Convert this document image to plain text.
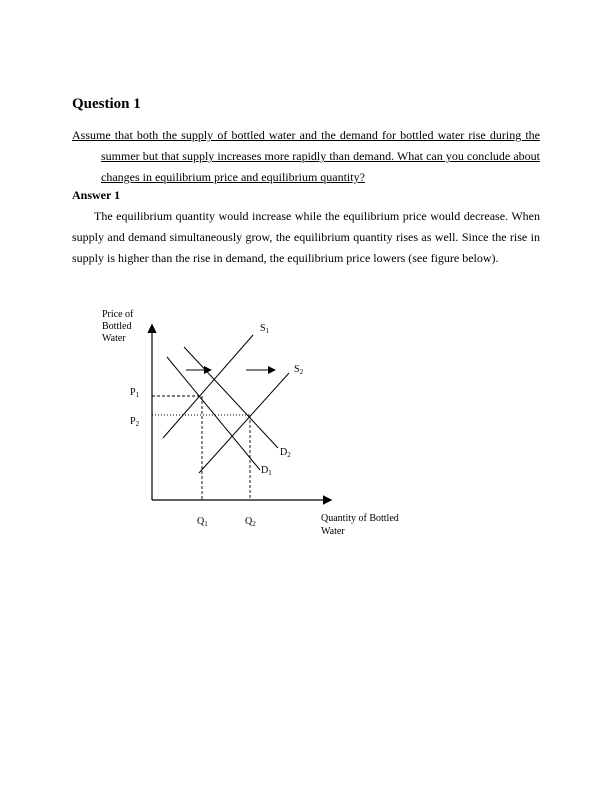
Question 1

Assume that both the supply of bottled water and the demand for bottled water rise during the summer but that supply increases more rapidly than demand. What can you conclude about changes in equilibrium price and equilibrium quantity?

Answer 1

The equilibrium quantity would increase while the equilibrium price would decrease. When supply and demand simultaneously grow, the equilibrium quantity rises as well. Since the rise in supply is higher than the rise in demand, the equilibrium price lowers (see figure below).

Price of Bottled Water
Quantity of Bottled Water
$S_1$
$S_2$
$D_2$
$D_1$
$P_1$
$P_2$
$Q_1$	$Q_2$
